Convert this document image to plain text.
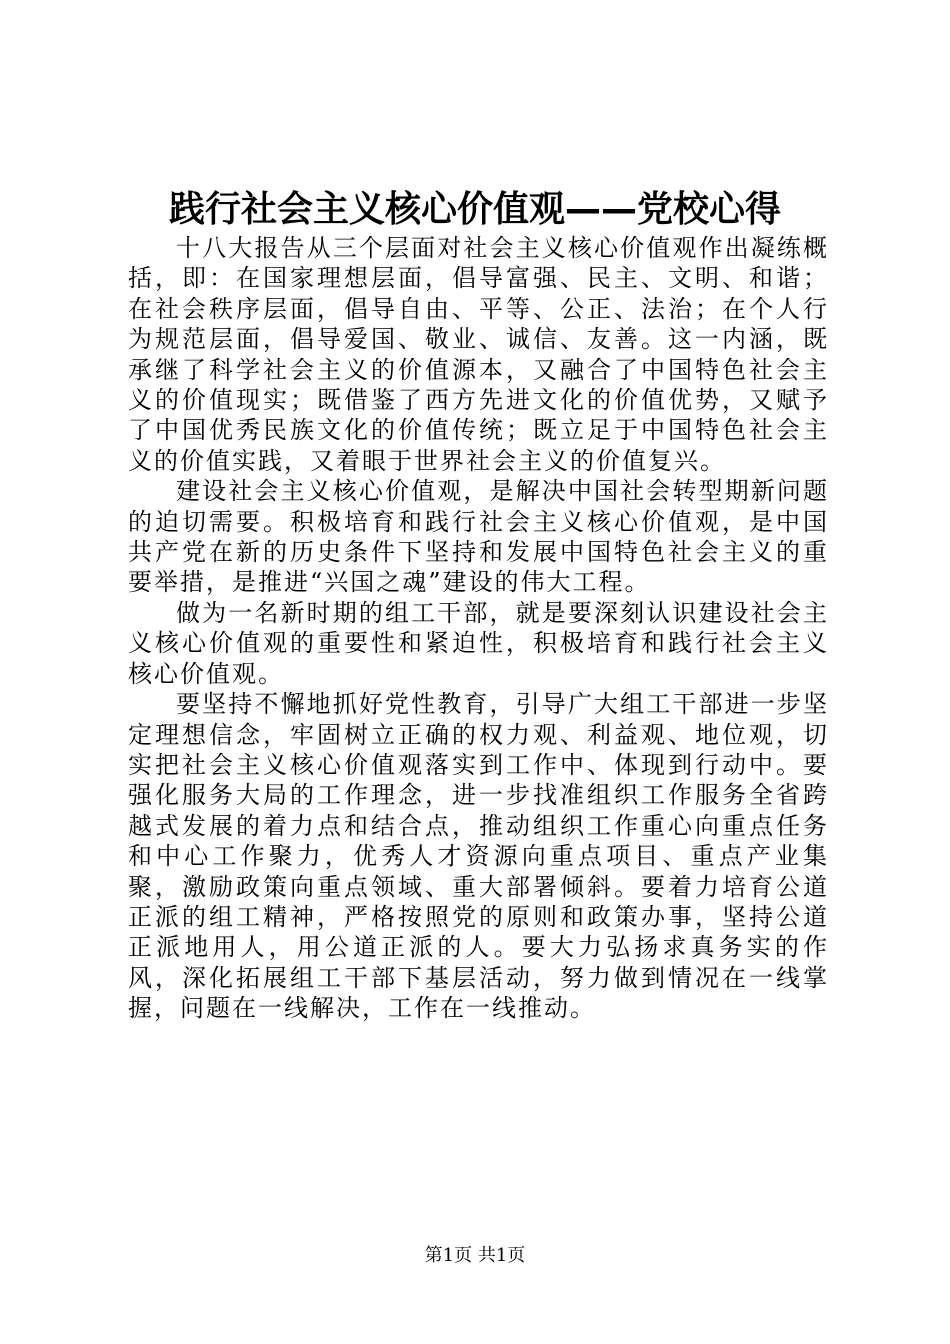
践行社会主义核心价值观——党校心得

十八大报告从三个层面对社会主义核心价值观作出凝练概括，即：在国家理想层面，倡导富强、民主、文明、和谐；在社会秩序层面，倡导自由、平等、公正、法治；在个人行为规范层面，倡导爱国、敬业、诚信、友善。这一内涵，既承继了科学社会主义的价值源本，又融合了中国特色社会主义的价值现实；既借鉴了西方先进文化的价值优势，又赋予了中国优秀民族文化的价值传统；既立足于中国特色社会主义的价值实践，又着眼于世界社会主义的价值复兴。

建设社会主义核心价值观，是解决中国社会转型期新问题的迫切需要。积极培育和践行社会主义核心价值观，是中国共产党在新的历史条件下坚持和发展中国特色社会主义的重要举措，是推进“兴国之魂”建设的伟大工程。

做为一名新时期的组工干部，就是要深刻认识建设社会主义核心价值观的重要性和紧迫性，积极培育和践行社会主义核心价值观。

要坚持不懈地抓好党性教育，引导广大组工干部进一步坚定理想信念，牢固树立正确的权力观、利益观、地位观，切实把社会主义核心价值观落实到工作中、体现到行动中。要强化服务大局的工作理念，进一步找准组织工作服务全省跨越式发展的着力点和结合点，推动组织工作重心向重点任务和中心工作聚力，优秀人才资源向重点项目、重点产业集聚，激励政策向重点领域、重大部署倾斜。要着力培育公道正派的组工精神，严格按照党的原则和政策办事，坚持公道正派地用人，用公道正派的人。要大力弘扬求真务实的作风，深化拓展组工干部下基层活动，努力做到情况在一线掌握，问题在一线解决，工作在一线推动。

第1页 共1页
